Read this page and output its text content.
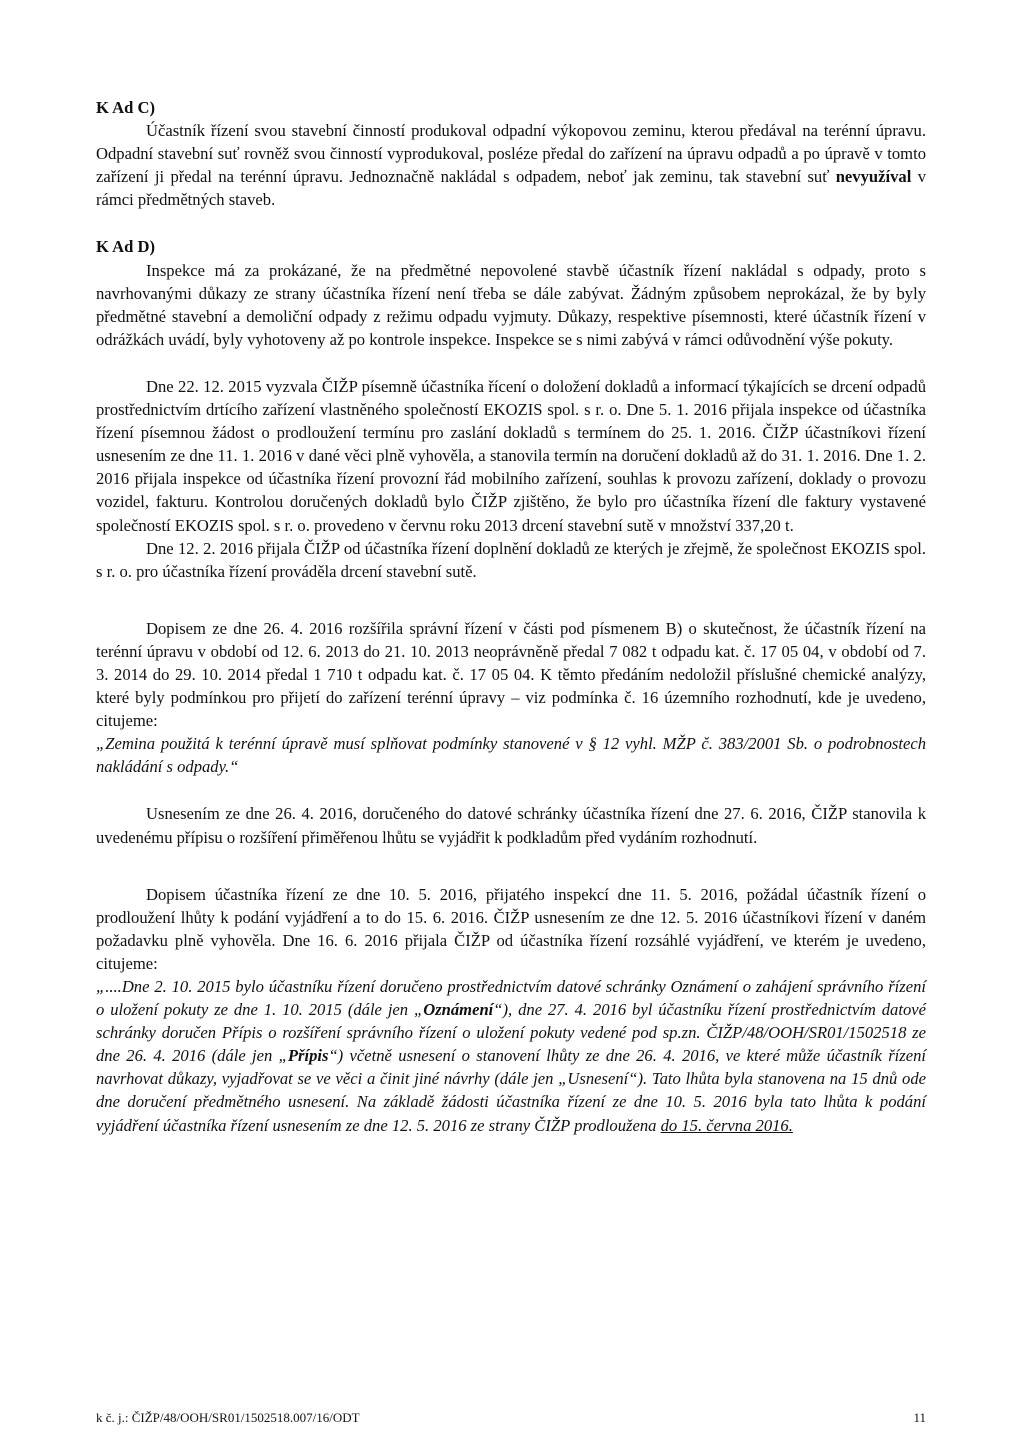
K Ad C)

Účastník řízení svou stavební činností produkoval odpadní výkopovou zeminu, kterou předával na terénní úpravu. Odpadní stavební suť rovněž svou činností vyprodukoval, posléze předal do zařízení na úpravu odpadů a po úpravě v tomto zařízení ji předal na terénní úpravu. Jednoznačně nakládal s odpadem, neboť jak zeminu, tak stavební suť nevyužíval v rámci předmětných staveb.

K Ad D)

Inspekce má za prokázané, že na předmětné nepovolené stavbě účastník řízení nakládal s odpady, proto s navrhovanými důkazy ze strany účastníka řízení není třeba se dále zabývat. Žádným způsobem neprokázal, že by byly předmětné stavební a demoliční odpady z režimu odpadu vyjmuty. Důkazy, respektive písemnosti, které účastník řízení v odrážkách uvádí, byly vyhotoveny až po kontrole inspekce. Inspekce se s nimi zabývá v rámci odůvodnění výše pokuty.

Dne 22. 12. 2015 vyzvala ČIŽP písemně účastníka řícení o doložení dokladů a informací týkajících se drcení odpadů prostřednictvím drtícího zařízení vlastněného společností EKOZIS spol. s r. o. Dne 5. 1. 2016 přijala inspekce od účastníka řízení písemnou žádost o prodloužení termínu pro zaslání dokladů s termínem do 25. 1. 2016. ČIŽP účastníkovi řízení usnesením ze dne 11. 1. 2016 v dané věci plně vyhověla, a stanovila termín na doručení dokladů až do 31. 1. 2016. Dne 1. 2. 2016 přijala inspekce od účastníka řízení provozní řád mobilního zařízení, souhlas k provozu zařízení, doklady o provozu vozidel, fakturu. Kontrolou doručených dokladů bylo ČIŽP zjištěno, že bylo pro účastníka řízení dle faktury vystavené společností EKOZIS spol. s r. o. provedeno v červnu roku 2013 drcení stavební sutě v množství 337,20 t.

Dne 12. 2. 2016 přijala ČIŽP od účastníka řízení doplnění dokladů ze kterých je zřejmě, že společnost EKOZIS spol. s r. o. pro účastníka řízení prováděla drcení stavební sutě.

Dopisem ze dne 26. 4. 2016 rozšířila správní řízení v části pod písmenem B) o skutečnost, že účastník řízení na terénní úpravu v období od 12. 6. 2013 do 21. 10. 2013 neoprávněně předal 7 082 t odpadu kat. č. 17 05 04, v období od 7. 3. 2014 do 29. 10. 2014 předal 1 710 t odpadu kat. č. 17 05 04. K těmto předáním nedoložil příslušné chemické analýzy, které byly podmínkou pro přijetí do zařízení terénní úpravy – viz podmínka č. 16 územního rozhodnutí, kde je uvedeno, citujeme:

„Zemina použitá k terénní úpravě musí splňovat podmínky stanovené v § 12 vyhl. MŽP č. 383/2001 Sb. o podrobnostech nakládání s odpady.“

Usnesením ze dne 26. 4. 2016, doručeného do datové schránky účastníka řízení dne 27. 6. 2016, ČIŽP stanovila k uvedenému přípisu o rozšíření přiměřenou lhůtu se vyjádřit k podkladům před vydáním rozhodnutí.

Dopisem účastníka řízení ze dne 10. 5. 2016, přijatého inspekcí dne 11. 5. 2016, požádal účastník řízení o prodloužení lhůty k podání vyjádření a to do 15. 6. 2016. ČIŽP usnesením ze dne 12. 5. 2016 účastníkovi řízení v daném požadavku plně vyhověla. Dne 16. 6. 2016 přijala ČIŽP od účastníka řízení rozsáhlé vyjádření, ve kterém je uvedeno, citujeme:

„....Dne 2. 10. 2015 bylo účastníku řízení doručeno prostřednictvím datové schránky Oznámení o zahájení správního řízení o uložení pokuty ze dne 1. 10. 2015 (dále jen „Oznámení“), dne 27. 4. 2016 byl účastníku řízení prostřednictvím datové schránky doručen Přípis o rozšíření správního řízení o uložení pokuty vedené pod sp.zn. ČIŽP/48/OOH/SR01/1502518 ze dne 26. 4. 2016 (dále jen „Přípis“) včetně usnesení o stanovení lhůty ze dne 26. 4. 2016, ve které může účastník řízení navrhovat důkazy, vyjadřovat se ve věci a činit jiné návrhy (dále jen „Usnesení“). Tato lhůta byla stanovena na 15 dnů ode dne doručení předmětného usnesení. Na základě žádosti účastníka řízení ze dne 10. 5. 2016 byla tato lhůta k podání vyjádření účastníka řízení usnesením ze dne 12. 5. 2016 ze strany ČIŽP prodloužena do 15. června 2016.

k č. j.: ČIŽP/48/OOH/SR01/1502518.007/16/ODT	11
